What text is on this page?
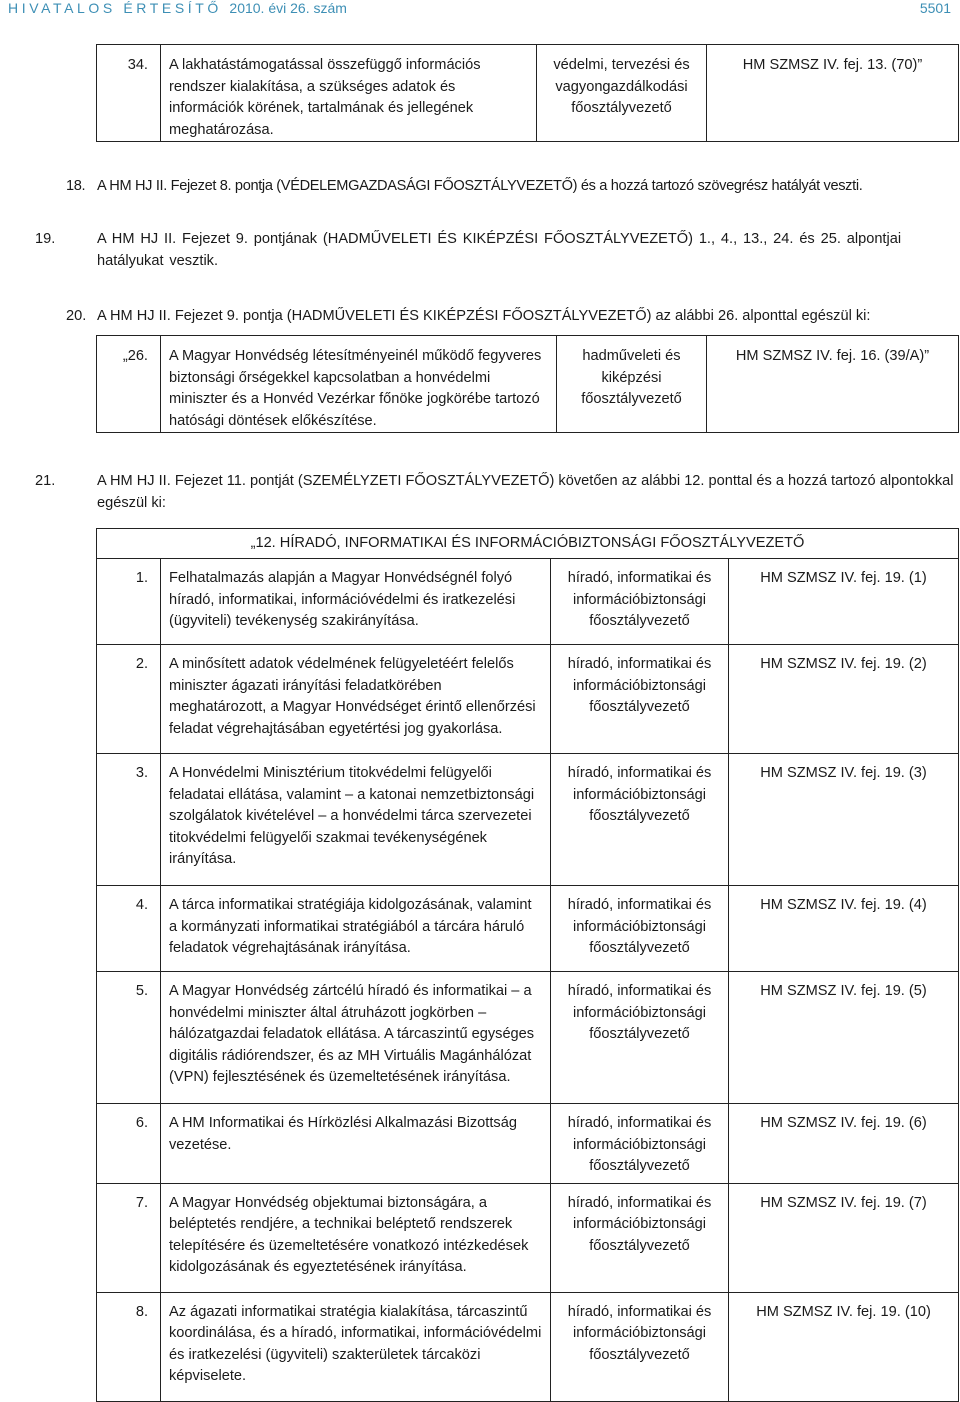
HIVATALOS ÉRTESÍTŐ 2010. évi 26. szám	5501
34.	A lakhatástámogatással összefüggő információs rendszer kialakítása, a szükséges adatok és információk körének, tartalmának és jellegének meghatározása.	védelmi, tervezési és vagyongazdálkodási főosztályvezető	HM SZMSZ IV. fej. 13. (70)”
18. A HM HJ II. Fejezet 8. pontja (VÉDELEMGAZDASÁGI FŐOSZTÁLYVEZETŐ) és a hozzá tartozó szövegrész hatályát veszti.
19.	A HM HJ II. Fejezet 9. pontjának (HADMŰVELETI ÉS KIKÉPZÉSI FŐOSZTÁLYVEZETŐ) 1., 4., 13., 24. és 25. alpontjai hatályukat vesztik.
20. A HM HJ II. Fejezet 9. pontja (HADMŰVELETI ÉS KIKÉPZÉSI FŐOSZTÁLYVEZETŐ) az alábbi 26. alponttal egészül ki:
„26.	A Magyar Honvédség létesítményeinél működő fegyveres biztonsági őrségekkel kapcsolatban a honvédelmi miniszter és a Honvéd Vezérkar főnöke jogkörébe tartozó hatósági döntések előkészítése.	hadműveleti és kiképzési főosztályvezető	HM SZMSZ IV. fej. 16. (39/A)”
21.	A HM HJ II. Fejezet 11. pontját (SZEMÉLYZETI FŐOSZTÁLYVEZETŐ) követően az alábbi 12. ponttal és a hozzá tartozó alpontokkal egészül ki:
„12. HÍRADÓ, INFORMATIKAI ÉS INFORMÁCIÓBIZTONSÁGI FŐOSZTÁLYVEZETŐ			
1.	Felhatalmazás alapján a Magyar Honvédségnél folyó híradó, informatikai, információvédelmi és iratkezelési (ügyviteli) tevékenység szakirányítása.	híradó, informatikai és információbiztonsági főosztályvezető	HM SZMSZ IV. fej. 19. (1)
2.	A minősített adatok védelmének felügyeletéért felelős miniszter ágazati irányítási feladatkörében meghatározott, a Magyar Honvédséget érintő ellenőrzési feladat végrehajtásában egyetértési jog gyakorlása.	híradó, informatikai és információbiztonsági főosztályvezető	HM SZMSZ IV. fej. 19. (2)
3.	A Honvédelmi Minisztérium titokvédelmi felügyelői feladatai ellátása, valamint – a katonai nemzetbiztonsági szolgálatok kivételével – a honvédelmi tárca szervezetei titokvédelmi felügyelői szakmai tevékenységének irányítása.	híradó, informatikai és információbiztonsági főosztályvezető	HM SZMSZ IV. fej. 19. (3)
4.	A tárca informatikai stratégiája kidolgozásának, valamint a kormányzati informatikai stratégiából a tárcára háruló feladatok végrehajtásának irányítása.	híradó, informatikai és információbiztonsági főosztályvezető	HM SZMSZ IV. fej. 19. (4)
5.	A Magyar Honvédség zártcélú híradó és informatikai – a honvédelmi miniszter által átruházott jogkörben – hálózatgazdai feladatok ellátása. A tárcaszintű egységes digitális rádiórendszer, és az MH Virtuális Magánhálózat (VPN) fejlesztésének és üzemeltetésének irányítása.	híradó, informatikai és információbiztonsági főosztályvezető	HM SZMSZ IV. fej. 19. (5)
6.	A HM Informatikai és Hírközlési Alkalmazási Bizottság vezetése.	híradó, informatikai és információbiztonsági főosztályvezető	HM SZMSZ IV. fej. 19. (6)
7.	A Magyar Honvédség objektumai biztonságára, a beléptetés rendjére, a technikai beléptető rendszerek telepítésére és üzemeltetésére vonatkozó intézkedések kidolgozásának és egyeztetésének irányítása.	híradó, informatikai és információbiztonsági főosztályvezető	HM SZMSZ IV. fej. 19. (7)
8.	Az ágazati informatikai stratégia kialakítása, tárcaszintű koordinálása, és a híradó, informatikai, információvédelmi és iratkezelési (ügyviteli) szakterületek tárcaközi képviselete.	híradó, informatikai és információbiztonsági főosztályvezető	HM SZMSZ IV. fej. 19. (10)
